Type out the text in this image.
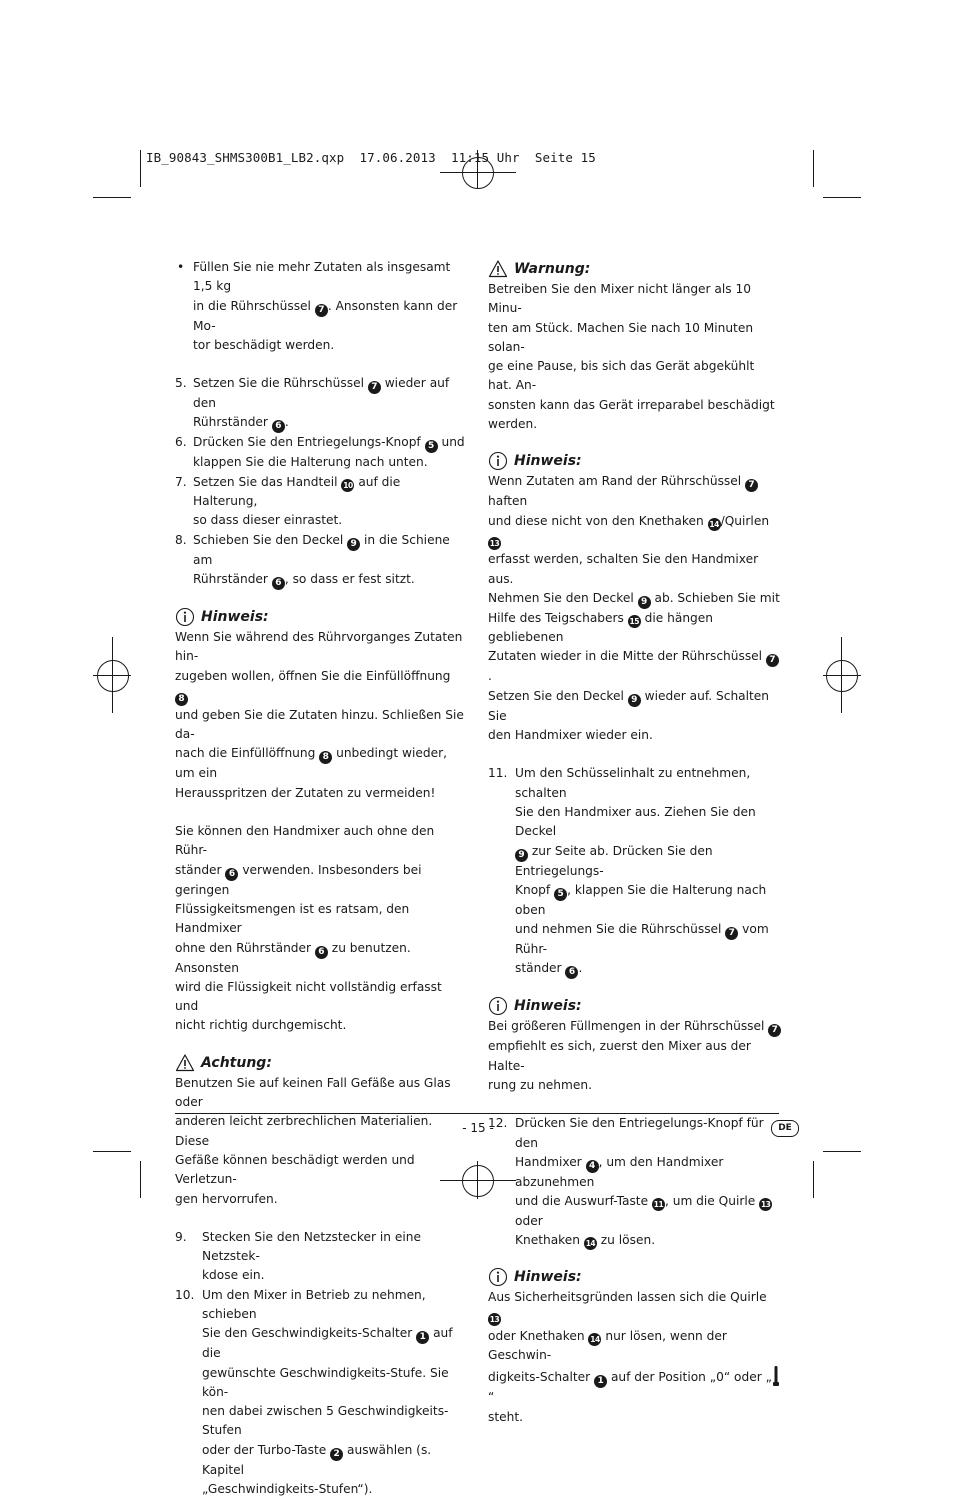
IB_90843_SHMS300B1_LB2.qxp  17.06.2013  11:15 Uhr  Seite 15
• Füllen Sie nie mehr Zutaten als insgesamt 1,5 kg

in die Rührschüssel 7 . Ansonsten kann der Mo-

tor beschädigt werden.

5. Setzen Sie die Rührschüssel 7 wieder auf den

Rührständer 6 .

6. Drücken Sie den Entriegelungs-Knopf 5 und

klappen Sie die Halterung nach unten.

7. Setzen Sie das Handteil 10 auf die Halterung,

so dass dieser einrastet.

8. Schieben Sie den Deckel 9 in die Schiene am

Rührständer 6 , so dass er fest sitzt.

Hinweis:

Wenn Sie während des Rührvorganges Zutaten hin-

zugeben wollen, öffnen Sie die Einfüllöffnung 8

und geben Sie die Zutaten hinzu. Schließen Sie da-

nach die Einfüllöffnung 8 unbedingt wieder, um ein

Herausspritzen der Zutaten zu vermeiden!

Sie können den Handmixer auch ohne den Rühr-

ständer 6 verwenden. Insbesonders bei geringen

Flüssigkeitsmengen ist es ratsam, den Handmixer

ohne den Rührständer 6 zu benutzen. Ansonsten

wird die Flüssigkeit nicht vollständig erfasst und

nicht richtig durchgemischt.

Achtung:

Benutzen Sie auf keinen Fall Gefäße aus Glas oder

anderen leicht zerbrechlichen Materialien. Diese

Gefäße können beschädigt werden und Verletzun-

gen hervorrufen.

9. Stecken Sie den Netzstecker in eine Netzstek-

kdose ein.

10. Um den Mixer in Betrieb zu nehmen, schieben

Sie den Geschwindigkeits-Schalter 1 auf die

gewünschte Geschwindigkeits-Stufe. Sie kön-

nen dabei zwischen 5 Geschwindigkeits-Stufen

oder der Turbo-Taste 2 auswählen (s. Kapitel

„Geschwindigkeits-Stufen“).

Warnung:

Betreiben Sie den Mixer nicht länger als 10 Minu-

ten am Stück. Machen Sie nach 10 Minuten solan-

ge eine Pause, bis sich das Gerät abgekühlt hat. An-

sonsten kann das Gerät irreparabel beschädigt

werden.

Hinweis:

Wenn Zutaten am Rand der Rührschüssel 7 haften

und diese nicht von den Knethaken 14 /Quirlen 13

erfasst werden, schalten Sie den Handmixer aus.

Nehmen Sie den Deckel 9 ab. Schieben Sie mit

Hilfe des Teigschabers 15 die hängen gebliebenen

Zutaten wieder in die Mitte der Rührschüssel 7.

Setzen Sie den Deckel 9 wieder auf. Schalten Sie

den Handmixer wieder ein.

11. Um den Schüsselinhalt zu entnehmen, schalten

Sie den Handmixer aus. Ziehen Sie den Deckel

9 zur Seite ab. Drücken Sie den Entriegelungs-

Knopf 5 , klappen Sie die Halterung nach oben

und nehmen Sie die Rührschüssel 7 vom Rühr-

ständer 6 .

Hinweis:

Bei größeren Füllmengen in der Rührschüssel 7

empfiehlt es sich, zuerst den Mixer aus der Halte-

rung zu nehmen.

12. Drücken Sie den Entriegelungs-Knopf für den

Handmixer 4 , um den Handmixer abzunehmen

und die Auswurf-Taste 11 , um die Quirle 13 oder

Knethaken 14 zu lösen.

Hinweis:

Aus Sicherheitsgründen lassen sich die Quirle 13

oder Knethaken 14 nur lösen, wenn der Geschwin-

digkeits-Schalter 1 auf der Position „0“ oder „“

steht.

- 15 -	DE
